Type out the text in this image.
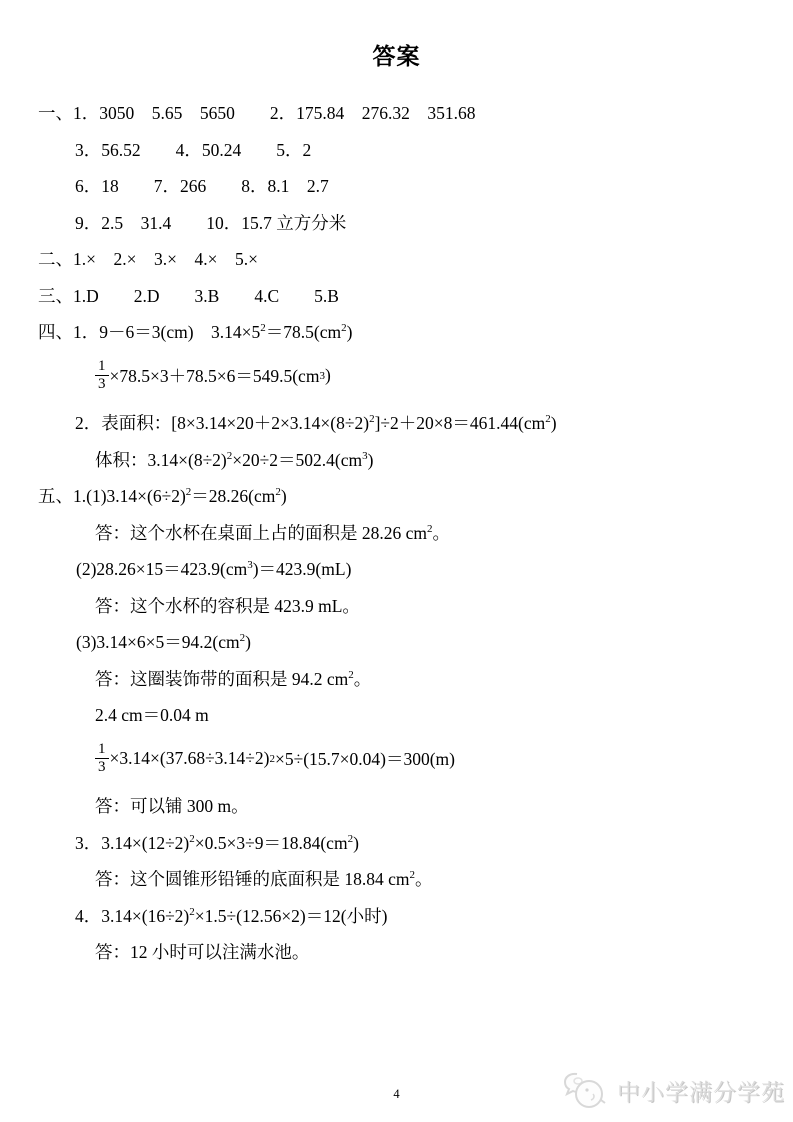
答案
一、1．3050　5.65　5650　　2．175.84　276.32　351.68
3．56.52　　4．50.24　　5．2
6．18　　7．266　　8．8.1　2.7
9．2.5　31.4　　10．15.7 立方分米
二、1.×　2.×　3.×　4.×　5.×
三、1.D　　2.D　　3.B　　4.C　　5.B
四、1．9－6＝3(cm)　$3.14\times 5^2=78.5(cm^2)$
$\frac{1}{3} \times 78.5\times 3+78.5\times 6=549.5(cm$ 3 )
2．表面积：$[8\times 3.14\times 20+2\times 3.14\times(8\div 2)^2]\div 2+20\times 8=461.44(cm^2)$
体积：$3.14\times(8\div 2)^2\times 20\div 2=502.4(cm^3)$
五、$1.(1)3.14\times(6\div 2)^2=28.26(cm^2)$
答：这个水杯在桌面上占的面积是 28.26 $cm^2$。
$(2)28.26\times 15=423.9(cm^3)=423.9(mL)$
答：这个水杯的容积是 423.9 mL。
$(3)3.14\times 6\times 5=94.2(cm^2)$
答：这圈装饰带的面积是 94.2 $cm^2$。
2.4 cm＝0.04 m
$\frac{1}{3} \times 3.14\times(37.68\div 3.14\div 2)$ 2 ×5÷(15.7×0.04)＝300(m)
答：可以铺 300 m。
3．$3.14\times(12\div 2)^2\times 0.5\times 3\div 9=18.84(cm^2)$
答：这个圆锥形铅锤的底面积是 18.84 $cm^2$。
4．$3.14\times(16\div 2)^2\times 1.5\div(12.56\times 2)=12$(小时)
答：12 小时可以注满水池。
4	中小学满分学苑
